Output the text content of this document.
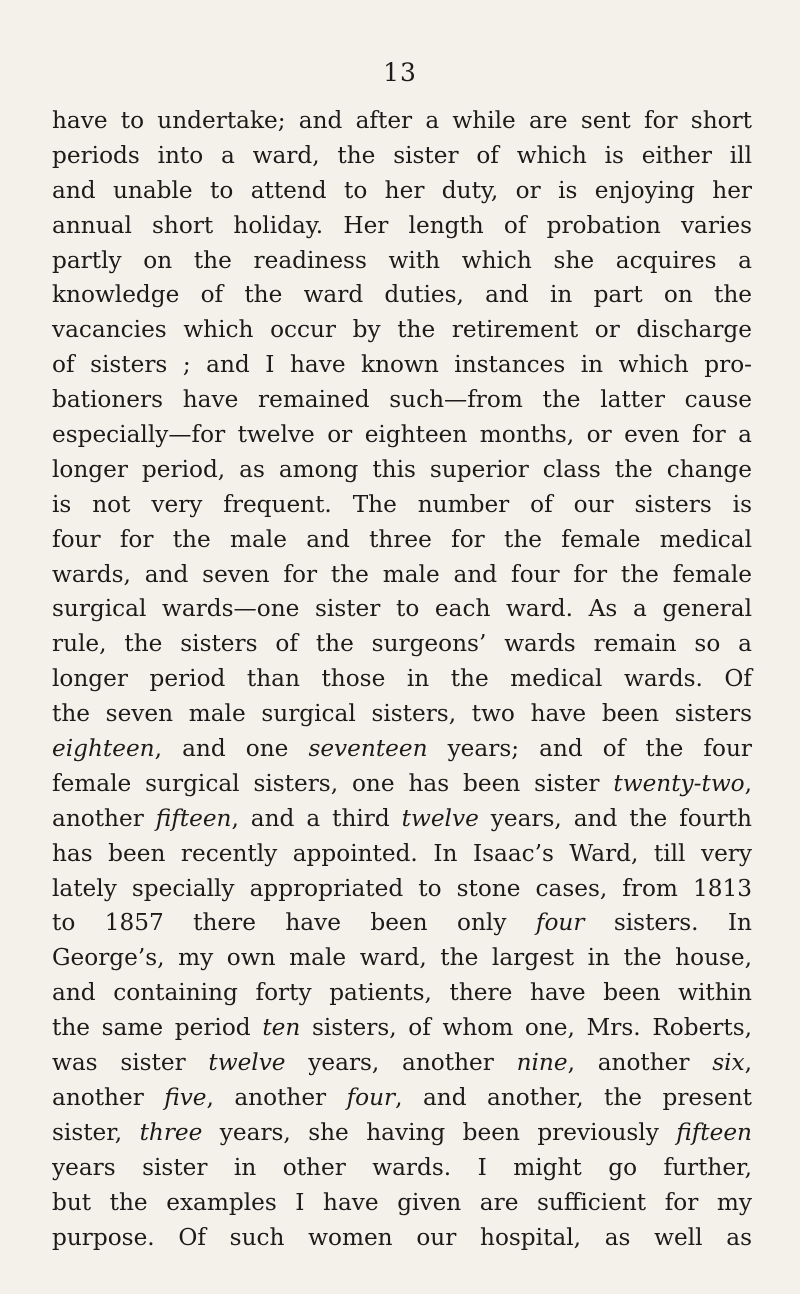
13
have to undertake; and after a while are sent for short
periods into a ward, the sister of which is either ill
and unable to attend to her duty, or is enjoying her
annual short holiday. Her length of probation varies
partly on the readiness with which she acquires a
knowledge of the ward duties, and in part on the
vacancies which occur by the retirement or discharge
of sisters ; and I have known instances in which pro-
bationers have remained such—from the latter cause
especially—for twelve or eighteen months, or even for a
longer period, as among this superior class the change
is not very frequent. The number of our sisters is
four for the male and three for the female medical
wards, and seven for the male and four for the female
surgical wards—one sister to each ward. As a general
rule, the sisters of the surgeons’ wards remain so a
longer period than those in the medical wards. Of
the seven male surgical sisters, two have been sisters
eighteen, and one seventeen years; and of the four
female surgical sisters, one has been sister twenty-two,
another fifteen, and a third twelve years, and the fourth
has been recently appointed. In Isaac’s Ward, till very
lately specially appropriated to stone cases, from 1813
to 1857 there have been only four sisters. In
George’s, my own male ward, the largest in the house,
and containing forty patients, there have been within
the same period ten sisters, of whom one, Mrs. Roberts,
was sister twelve years, another nine, another six,
another five, another four, and another, the present
sister, three years, she having been previously fifteen
years sister in other wards. I might go further,
but the examples I have given are sufficient for my
purpose. Of such women our hospital, as well as
